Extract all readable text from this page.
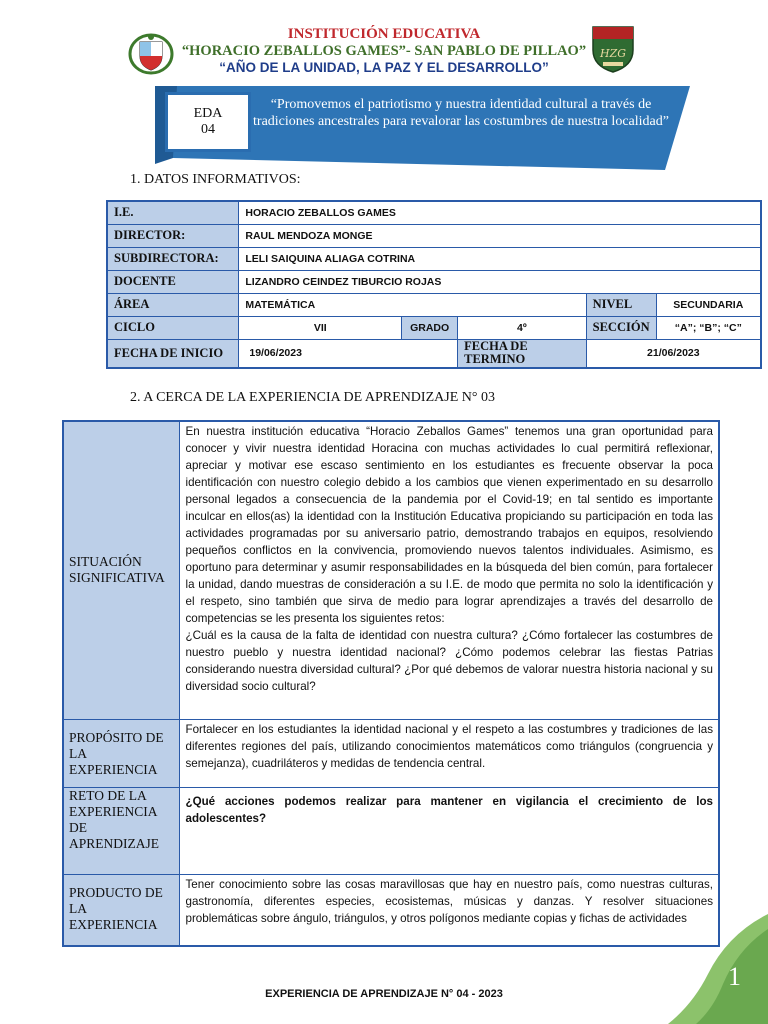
INSTITUCIÓN EDUCATIVA
“HORACIO ZEBALLOS GAMES”- SAN PABLO DE PILLAO”
“AÑO DE LA UNIDAD, LA PAZ Y EL DESARROLLO”
HZG
EDA
04
“Promovemos el patriotismo y nuestra identidad cultural a través de tradiciones ancestrales para revalorar las costumbres de nuestra localidad”
1. DATOS INFORMATIVOS:
I.E.	HORACIO ZEBALLOS GAMES				
DIRECTOR:	RAUL MENDOZA MONGE				
SUBDIRECTORA:	LELI SAIQUINA ALIAGA COTRINA				
DOCENTE	LIZANDRO CEINDEZ TIBURCIO ROJAS				
ÁREA	MATEMÁTICA			NIVEL	SECUNDARIA
CICLO	VII	GRADO	4º	SECCIÓN	“A”; “B”; “C”
FECHA DE INICIO	19/06/2023		FECHA DE TERMINO	21/06/2023	
2. A CERCA DE LA EXPERIENCIA DE APRENDIZAJE N° 03
SITUACIÓN SIGNIFICATIVA	En nuestra institución educativa “Horacio Zeballos Games” tenemos una gran oportunidad para conocer y vivir nuestra identidad Horacina con muchas actividades lo cual permitirá reflexionar, apreciar y motivar ese escaso sentimiento en los estudiantes es frecuente observar la poca identificación con nuestro colegio debido a los cambios que vienen experimentado en su desarrollo personal legados a consecuencia de la pandemia por el Covid-19; en tal sentido es importante inculcar en ellos(as) la identidad con la Institución Educativa propiciando su participación en toda las actividades programadas por su aniversario patrio, demostrando trabajos en equipos, resolviendo pequeños conflictos en la convivencia, promoviendo nuevos talentos individuales. Asimismo, es oportuno para determinar y asumir responsabilidades en la búsqueda del bien común, para fortalecer la unidad, dando muestras de consideración a su I.E. de modo que permita no solo la identificación y el respeto, sino también que sirva de medio para lograr aprendizajes a través del desarrollo de competencias se les presenta los siguientes retos:
¿Cuál es la causa de la falta de identidad con nuestra cultura? ¿Cómo fortalecer las costumbres de nuestro pueblo y nuestra identidad nacional? ¿Cómo podemos celebrar las fiestas Patrias considerando nuestra diversidad cultural? ¿Por qué debemos de valorar nuestra historia nacional y su diversidad socio cultural?

PROPÓSITO DE LA EXPERIENCIA	Fortalecer en los estudiantes la identidad nacional y el respeto a las costumbres y tradiciones de las diferentes regiones del país, utilizando conocimientos matemáticos como triángulos (congruencia y semejanza), cuadriláteros y medidas de tendencia central.
RETO DE LA EXPERIENCIA DE APRENDIZAJE	¿Qué acciones podemos realizar para mantener en vigilancia el crecimiento de los adolescentes?
PRODUCTO DE LA EXPERIENCIA	Tener conocimiento sobre las cosas maravillosas que hay en nuestro país, como nuestras culturas, gastronomía, diferentes especies, ecosistemas, músicas y danzas. Y resolver situaciones problemáticas sobre ángulo, triángulos, y otros polígonos mediante copias y fichas de actividades
1
EXPERIENCIA DE APRENDIZAJE N° 04 - 2023
